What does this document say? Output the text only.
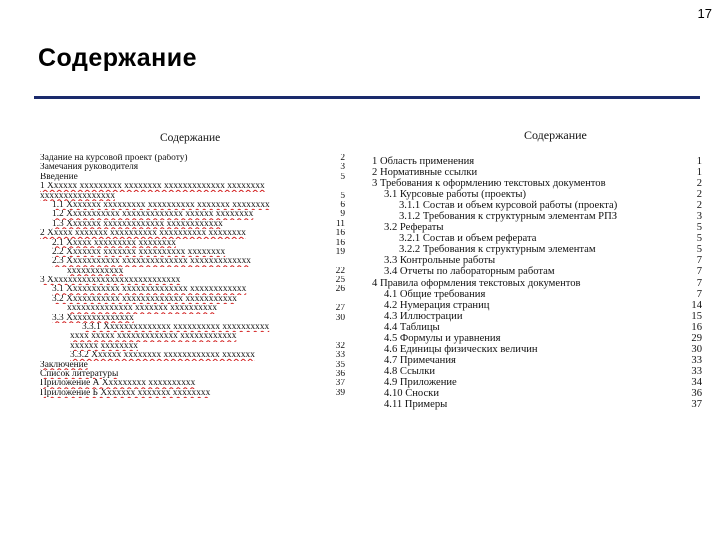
17
Содержание
Содержание
Задание на курсовой проект (работу)	2
Замечания руководителя	3
Введение	5
1 Хххххх ххххххххх хххххххх ххххххххххххх хххххххх
хххххххххххххххх	5
1.1 Ххххххх ххххххххх хххххххххх ххххххх хххххххх	6
1.2 Ххххххххххх ххххххххххххх хххххх хххххххх	9
1.3 Ххххххх ххххххххххххх хххххххххххх	11
2 Ххххх ххххххх хххххххххх хххххххххх хххххххх	16
2.1 Ххххх ххххххххх хххххххх	16
2.2 Ххххххх ххххххх хххххххххх хххххххх	19
2.3 Ххххххххххх хххххххххххххх ххххххххххххх
хххххххххххх	22
3 Хххххххххххххххххххххххххххх	25
3.1 Ххххххххххх хххххххххххххх хххххххххххх	26
3.2 Ххххххххххх ххххххххххххх ххххххххххх
хххххххххххххх ххххххх хххххххххх	27
3.3 Хххххххххххххх	30
3.3.1 Хххххххххххххх хххххххххх хххххххххх
хххх ххххх ххххххххххххх хххххххххххх
хххххх хххххххх	32
3.3.2 Хххххх хххххххх хххххххххххх ххххххх	33
Заключение	35
Список литературы	36
Приложение А Ххххххххх хххххххххх	37
Приложение Б Ххххххх ххххххх хххххххх	39
Содержание
1 Область применения	1
2 Нормативные ссылки	1
3 Требования к оформлению текстовых документов	2
3.1 Курсовые работы (проекты)	2
3.1.1 Состав и объем курсовой работы (проекта)	2
3.1.2 Требования к структурным элементам РПЗ	3
3.2 Рефераты	5
3.2.1 Состав и объем реферата	5
3.2.2 Требования к структурным элементам	5
3.3 Контрольные работы	7
3.4 Отчеты по лабораторным работам	7
4 Правила оформления текстовых документов	7
4.1 Общие требования	7
4.2 Нумерация страниц	14
4.3 Иллюстрации	15
4.4 Таблицы	16
4.5 Формулы и уравнения	29
4.6 Единицы физических величин	30
4.7 Примечания	33
4.8 Ссылки	33
4.9 Приложение	34
4.10 Сноски	36
4.11 Примеры	37
